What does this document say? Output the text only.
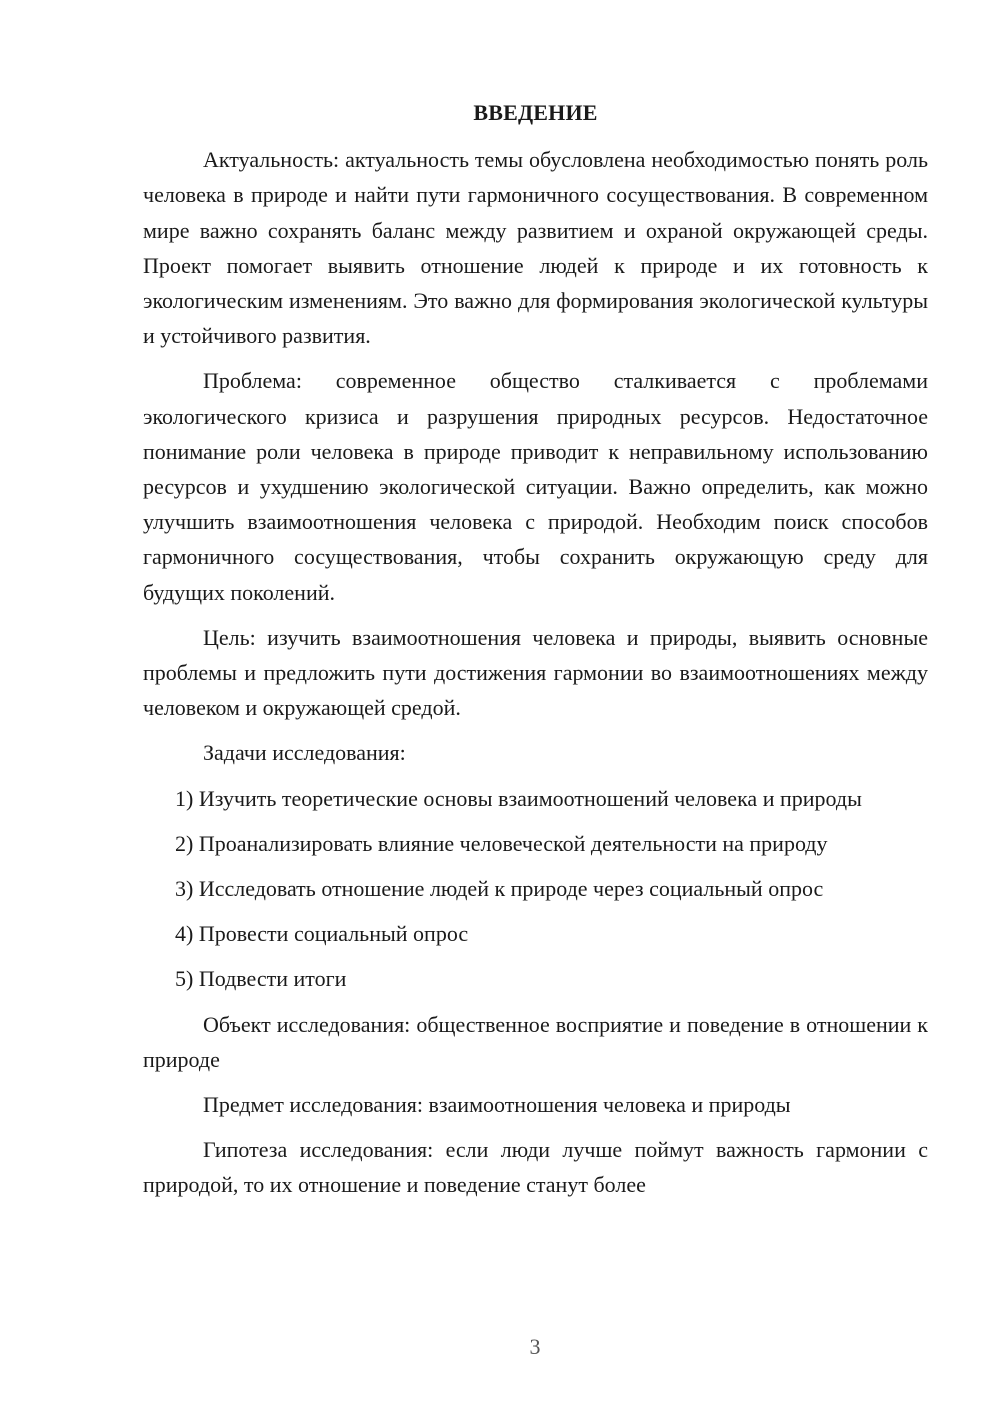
ВВЕДЕНИЕ

Актуальность: актуальность темы обусловлена необходимостью понять роль человека в природе и найти пути гармоничного сосуществования. В современном мире важно сохранять баланс между развитием и охраной окружающей среды. Проект помогает выявить отношение людей к природе и их готовность к экологическим изменениям. Это важно для формирования экологической культуры и устойчивого развития.

Проблема: современное общество сталкивается с проблемами экологического кризиса и разрушения природных ресурсов. Недостаточное понимание роли человека в природе приводит к неправильному использованию ресурсов и ухудшению экологической ситуации. Важно определить, как можно улучшить взаимоотношения человека с природой. Необходим поиск способов гармоничного сосуществования, чтобы сохранить окружающую среду для будущих поколений.

Цель: изучить взаимоотношения человека и природы, выявить основные проблемы и предложить пути достижения гармонии во взаимоотношениях между человеком и окружающей средой.

Задачи исследования:

1) Изучить теоретические основы взаимоотношений человека и природы

2) Проанализировать влияние человеческой деятельности на природу

3) Исследовать отношение людей к природе через социальный опрос

4) Провести социальный опрос

5) Подвести итоги

Объект исследования: общественное восприятие и поведение в отношении к природе

Предмет исследования: взаимоотношения человека и природы

Гипотеза исследования: если люди лучше поймут важность гармонии с природой, то их отношение и поведение станут более

3
